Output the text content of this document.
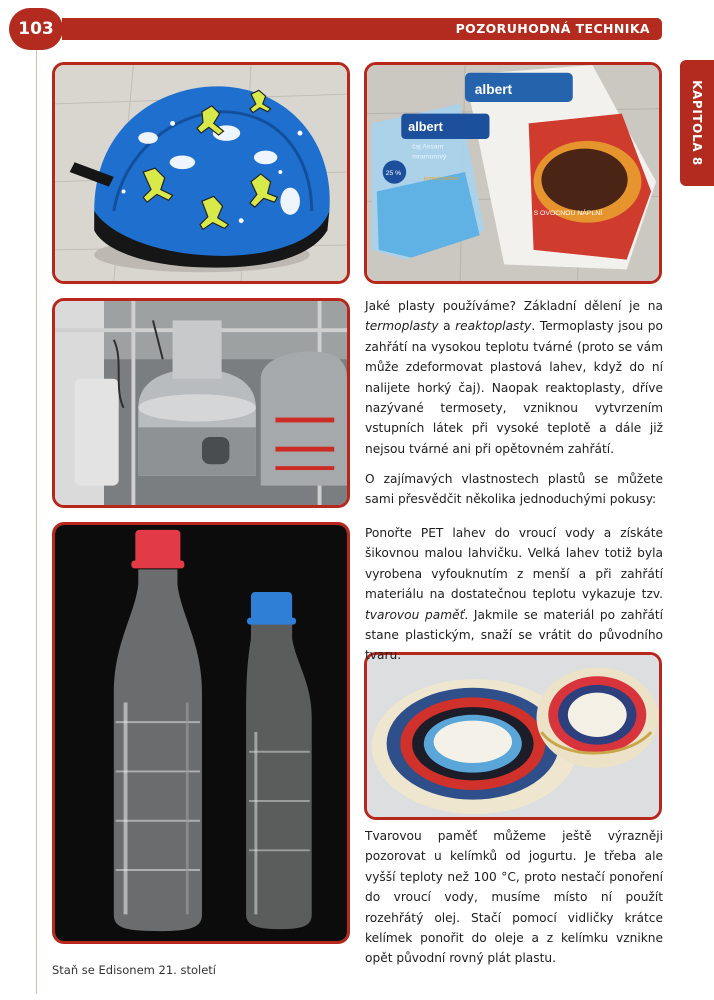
POZORUHODNÁ TECHNIKA
103
KAPITOLA 8
albert
S OVOCNOU NÁPLNÍ
albert
čaj Assam
mramorový
jemné pečivo
25 %

Jaké plasty používáme? Základní dělení je na termoplasty a reaktoplasty. Termoplasty jsou po zahřátí na vysokou teplotu tvárné (proto se vám může zdeformovat plastová lahev, když do ní nalijete horký čaj). Naopak reaktoplasty, dříve nazývané termosety, vzniknou vytvrzením vstupních látek při vysoké teplotě a dále již nejsou tvárné ani při opětovném zahřátí.

O zajímavých vlastnostech plastů se můžete sami přesvědčit několika jednoduchými pokusy:

Ponořte PET lahev do vroucí vody a získáte šikovnou malou lahvičku. Velká lahev totiž byla vyrobena vyfouknutím z menší a při zahřátí materiálu na dostatečnou teplotu vykazuje tzv. tvarovou paměť. Jakmile se materiál po zahřátí stane plastickým, snaží se vrátit do původního tvaru.

Tvarovou paměť můžeme ještě výrazněji pozorovat u kelímků od jogurtu. Je třeba ale vyšší teploty než 100 °C, proto nestačí ponoření do vroucí vody, musíme místo ní použít rozehřátý olej. Stačí pomocí vidličky krátce kelímek ponořit do oleje a z kelímku vznikne opět původní rovný plát plastu.

Staň se Edisonem 21. století
